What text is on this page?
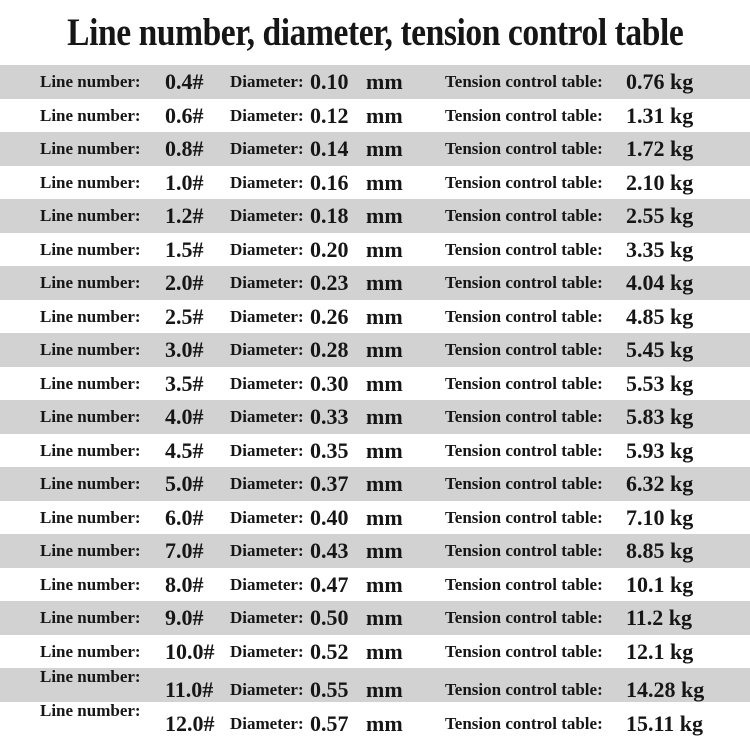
Line number, diameter, tension control table
Line number: 0.4# Diameter: 0.10 mm Tension control table: 0.76 kg
Line number: 0.6# Diameter: 0.12 mm Tension control table: 1.31 kg
Line number: 0.8# Diameter: 0.14 mm Tension control table: 1.72 kg
Line number: 1.0# Diameter: 0.16 mm Tension control table: 2.10 kg
Line number: 1.2# Diameter: 0.18 mm Tension control table: 2.55 kg
Line number: 1.5# Diameter: 0.20 mm Tension control table: 3.35 kg
Line number: 2.0# Diameter: 0.23 mm Tension control table: 4.04 kg
Line number: 2.5# Diameter: 0.26 mm Tension control table: 4.85 kg
Line number: 3.0# Diameter: 0.28 mm Tension control table: 5.45 kg
Line number: 3.5# Diameter: 0.30 mm Tension control table: 5.53 kg
Line number: 4.0# Diameter: 0.33 mm Tension control table: 5.83 kg
Line number: 4.5# Diameter: 0.35 mm Tension control table: 5.93 kg
Line number: 5.0# Diameter: 0.37 mm Tension control table: 6.32 kg
Line number: 6.0# Diameter: 0.40 mm Tension control table: 7.10 kg
Line number: 7.0# Diameter: 0.43 mm Tension control table: 8.85 kg
Line number: 8.0# Diameter: 0.47 mm Tension control table: 10.1 kg
Line number: 9.0# Diameter: 0.50 mm Tension control table: 11.2 kg
Line number: 10.0# Diameter: 0.52 mm Tension control table: 12.1 kg
Line number:
11.0# Diameter: 0.55 mm Tension control table: 14.28 kg
Line number:
12.0# Diameter: 0.57 mm Tension control table: 15.11 kg
